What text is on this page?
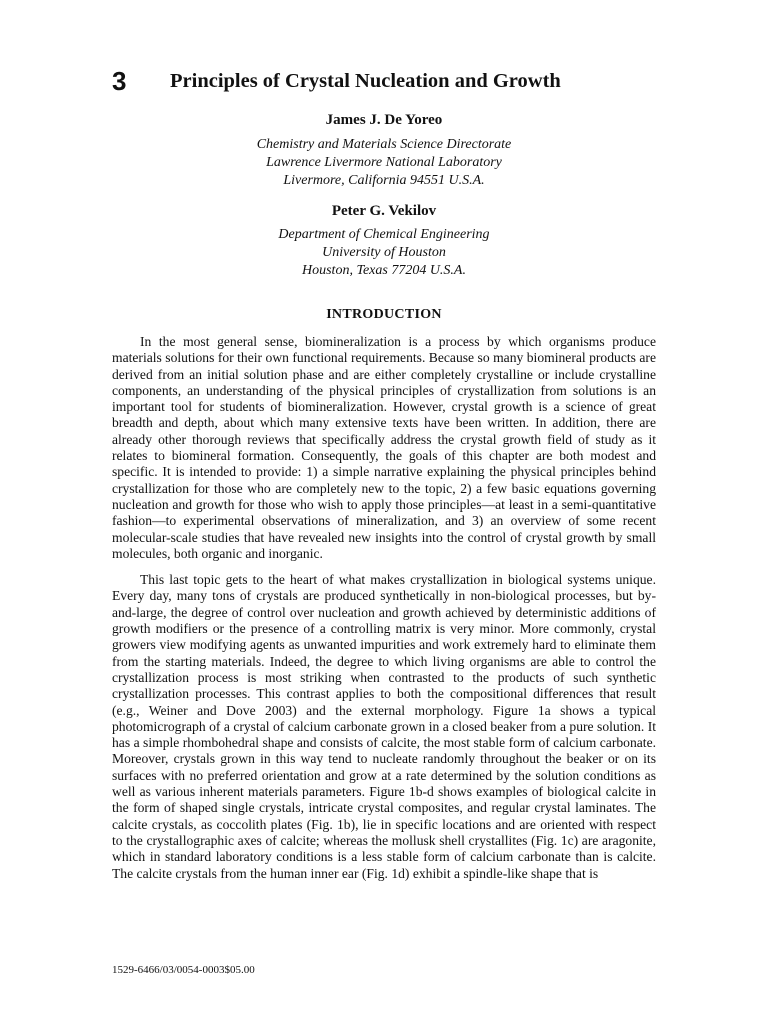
3 Principles of Crystal Nucleation and Growth
James J. De Yoreo
Chemistry and Materials Science Directorate
Lawrence Livermore National Laboratory
Livermore, California 94551 U.S.A.
Peter G. Vekilov
Department of Chemical Engineering
University of Houston
Houston, Texas 77204 U.S.A.
INTRODUCTION

In the most general sense, biomineralization is a process by which organisms produce materials solutions for their own functional requirements. Because so many biomineral products are derived from an initial solution phase and are either completely crystalline or include crystalline components, an understanding of the physical principles of crystallization from solutions is an important tool for students of biomineralization. However, crystal growth is a science of great breadth and depth, about which many extensive texts have been written. In addition, there are already other thorough reviews that specifically address the crystal growth field of study as it relates to biomineral formation. Consequently, the goals of this chapter are both modest and specific. It is intended to provide: 1) a simple narrative explaining the physical principles behind crystallization for those who are completely new to the topic, 2) a few basic equations governing nucleation and growth for those who wish to apply those principles—at least in a semi-quantitative fashion—to experimental observations of mineralization, and 3) an overview of some recent molecular-scale studies that have revealed new insights into the control of crystal growth by small molecules, both organic and inorganic.

This last topic gets to the heart of what makes crystallization in biological systems unique. Every day, many tons of crystals are produced synthetically in non-biological processes, but by-and-large, the degree of control over nucleation and growth achieved by deterministic additions of growth modifiers or the presence of a controlling matrix is very minor. More commonly, crystal growers view modifying agents as unwanted impurities and work extremely hard to eliminate them from the starting materials. Indeed, the degree to which living organisms are able to control the crystallization process is most striking when contrasted to the products of such synthetic crystallization processes. This contrast applies to both the compositional differences that result (e.g., Weiner and Dove 2003) and the external morphology. Figure 1a shows a typical photomicrograph of a crystal of calcium carbonate grown in a closed beaker from a pure solution. It has a simple rhombohedral shape and consists of calcite, the most stable form of calcium carbonate. Moreover, crystals grown in this way tend to nucleate randomly throughout the beaker or on its surfaces with no preferred orientation and grow at a rate determined by the solution conditions as well as various inherent materials parameters. Figure 1b-d shows examples of biological calcite in the form of shaped single crystals, intricate crystal composites, and regular crystal laminates. The calcite crystals, as coccolith plates (Fig. 1b), lie in specific locations and are oriented with respect to the crystallographic axes of calcite; whereas the mollusk shell crystallites (Fig. 1c) are aragonite, which in standard laboratory conditions is a less stable form of calcium carbonate than is calcite. The calcite crystals from the human inner ear (Fig. 1d) exhibit a spindle-like shape that is

1529-6466/03/0054-0003$05.00
